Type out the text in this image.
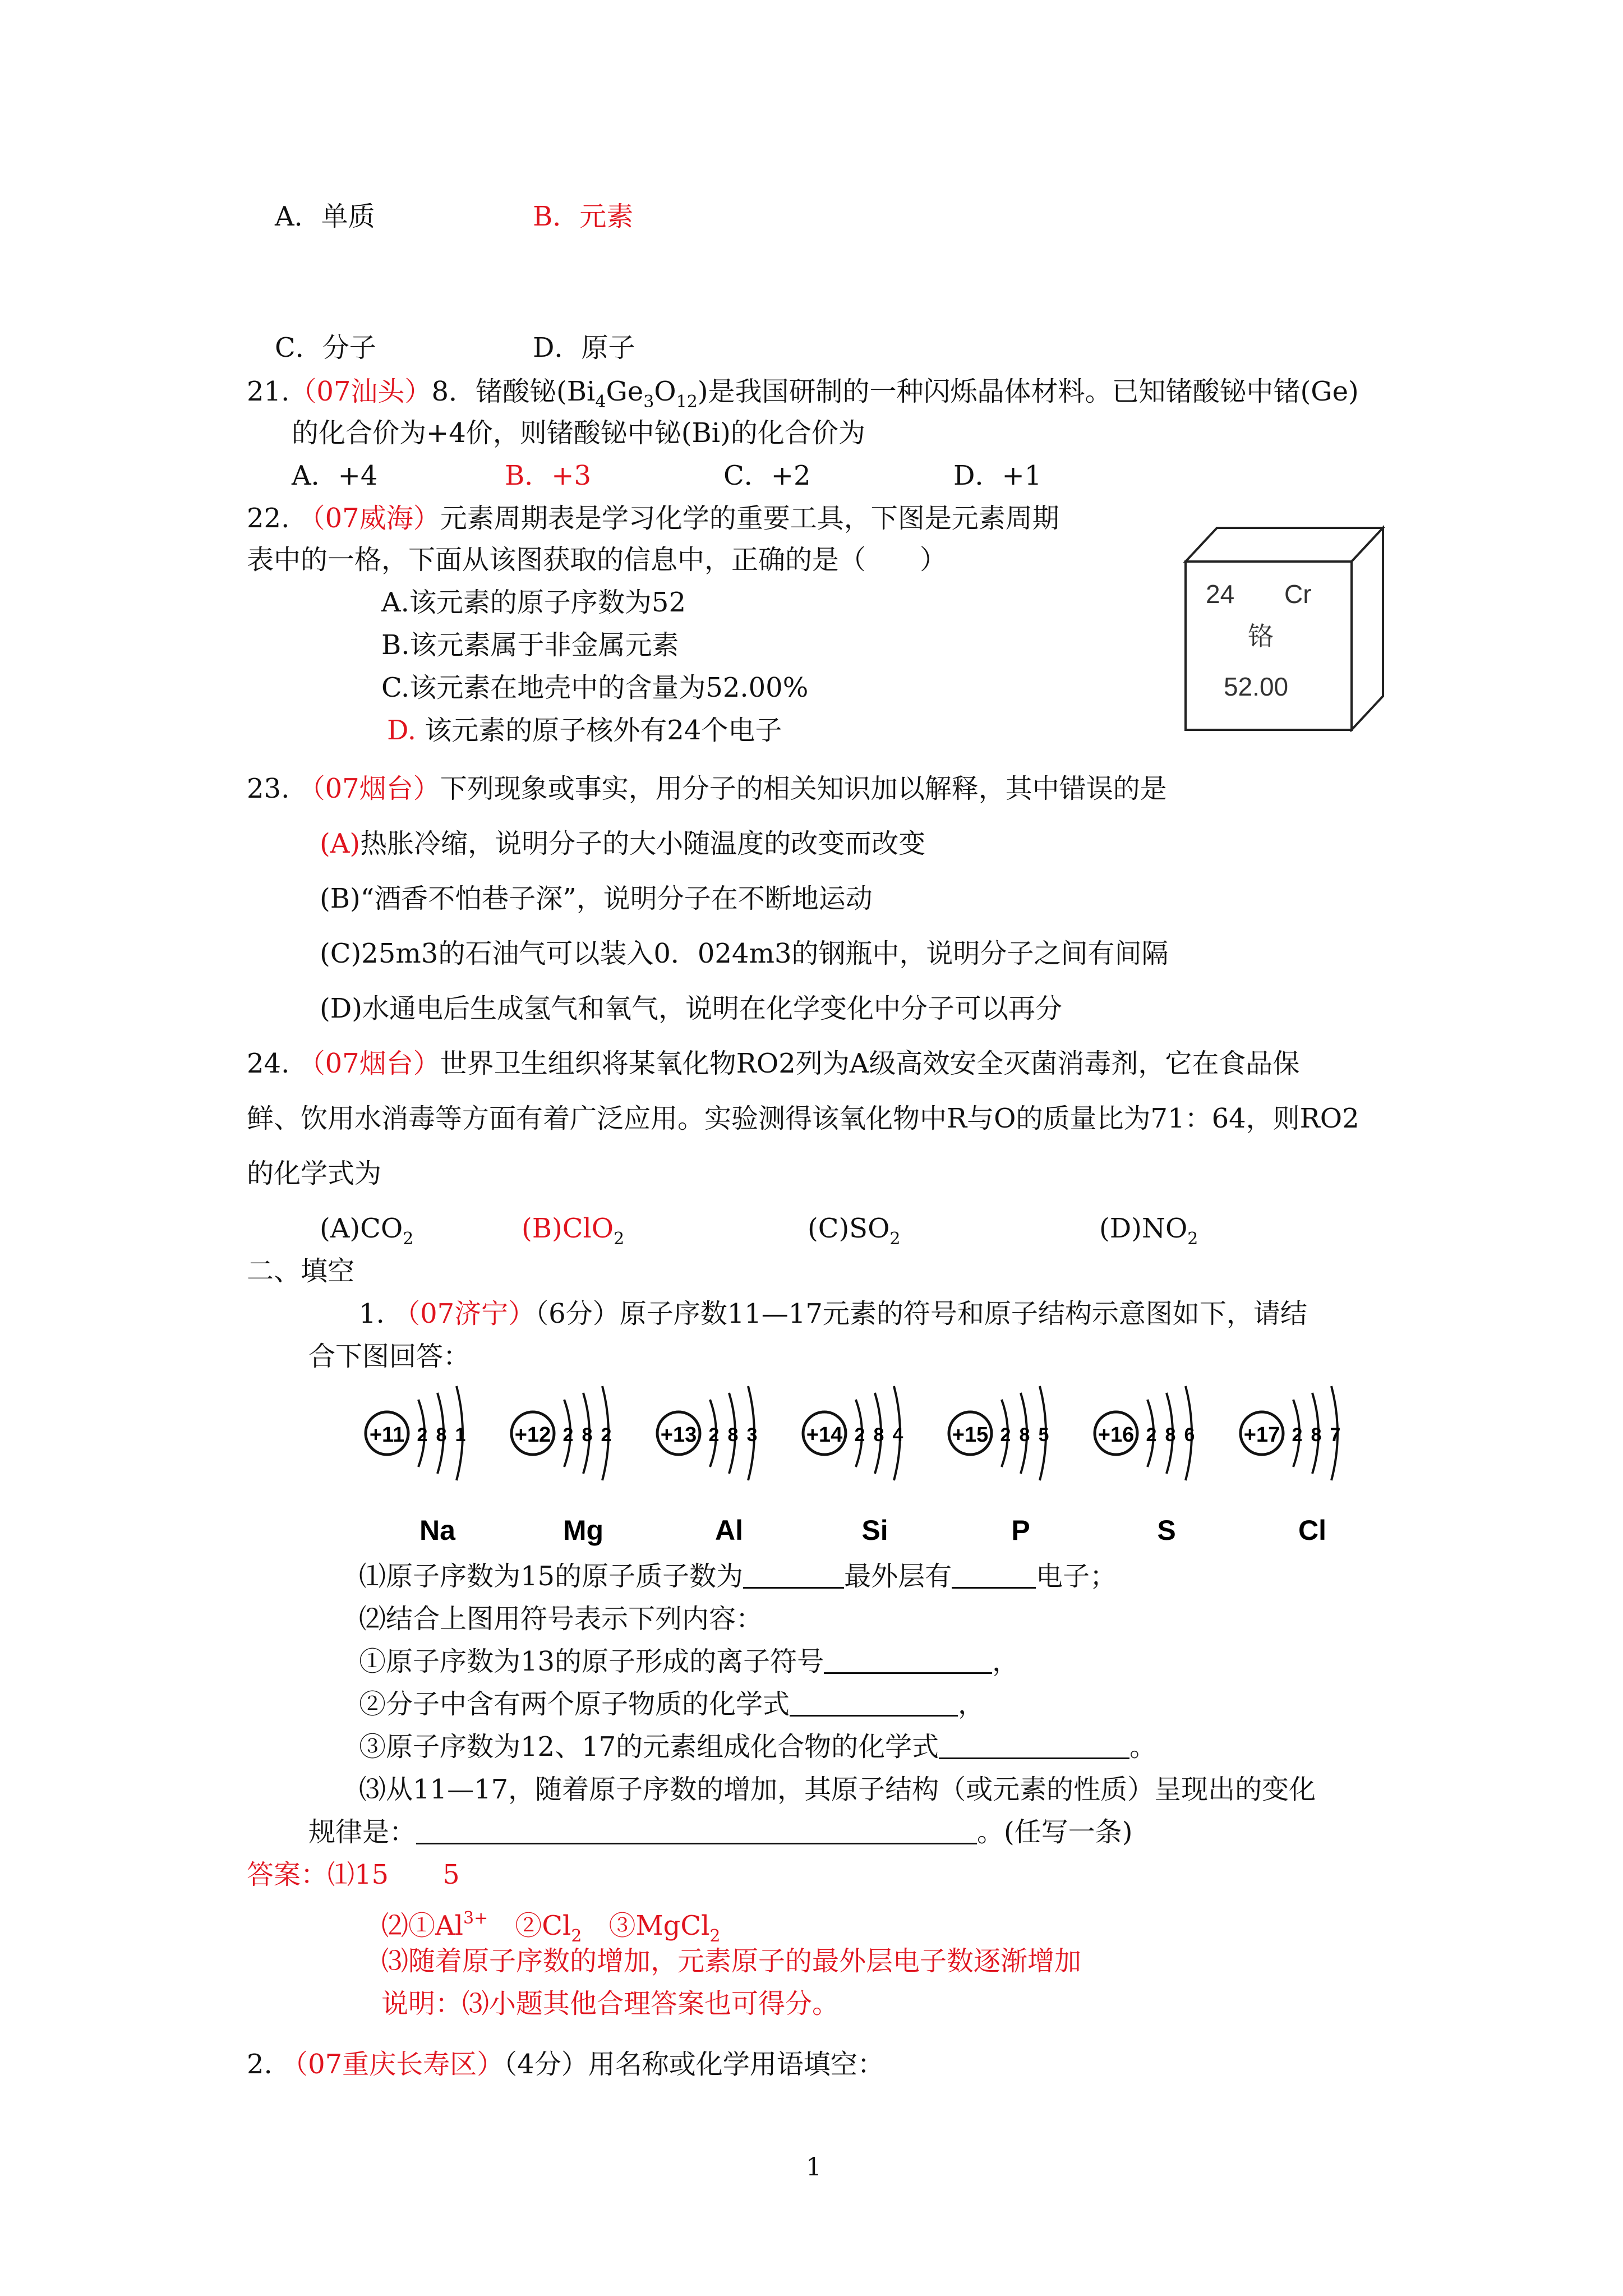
A．单质	B．元素
C．分子	D．原子
21.（07汕头）8．锗酸铋$(Bi_4Ge_3O_{12})$是我国研制的一种闪烁晶体材料。已知锗酸铋中锗(Ge)
的化合价为+4价，则锗酸铋中铋(Bi)的化合价为
A．+4	B．+3	C．+2	D．+1
22. （07威海）元素周期表是学习化学的重要工具，下图是元素周期
表中的一格，下面从该图获取的信息中，正确的是（　　）
A.该元素的原子序数为52
B.该元素属于非金属元素
C.该元素在地壳中的含量为52.00%
D. 该元素的原子核外有24个电子
24 Cr
铬
52.00
23. （07烟台）下列现象或事实，用分子的相关知识加以解释，其中错误的是
(A)热胀冷缩，说明分子的大小随温度的改变而改变
(B)“酒香不怕巷子深”，说明分子在不断地运动
(C)25m3的石油气可以装入0．024m3的钢瓶中，说明分子之间有间隔
(D)水通电后生成氢气和氧气，说明在化学变化中分子可以再分
24. （07烟台）世界卫生组织将某氧化物RO2列为A级高效安全灭菌消毒剂，它在食品保
鲜、饮用水消毒等方面有着广泛应用。实验测得该氧化物中R与O的质量比为71：64，则RO2
的化学式为
$(A)CO_2$	(B)ClO$_2$	$(C)SO_2$	$(D)NO_2$
二、填空
1. （07济宁）（6分）原子序数11—17元素的符号和原子结构示意图如下，请结
合下图回答：
+11 2 8 1
Na
+12 2 8 2
Mg
+13 2 8 3
Al
+14 2 8 4
Si
+15 2 8 5
P
+16 2 8 6
S
+17 2 8 7
Cl
⑴原子序数为15的原子质子数为	最外层有	电子；
⑵结合上图用符号表示下列内容：
①原子序数为13的原子形成的离子符号	，
②分子中含有两个原子物质的化学式	，
③原子序数为12、17的元素组成化合物的化学式	。
⑶从11—17，随着原子序数的增加，其原子结构（或元素的性质）呈现出的变化
规律是：	。(任写一条)
答案：⑴15　　5
$⑵①Al^{3+}$　$②Cl_2$　③MgCl$_2$
⑶随着原子序数的增加，元素原子的最外层电子数逐渐增加
说明：⑶小题其他合理答案也可得分。
2. （07重庆长寿区）（4分）用名称或化学用语填空：
1
